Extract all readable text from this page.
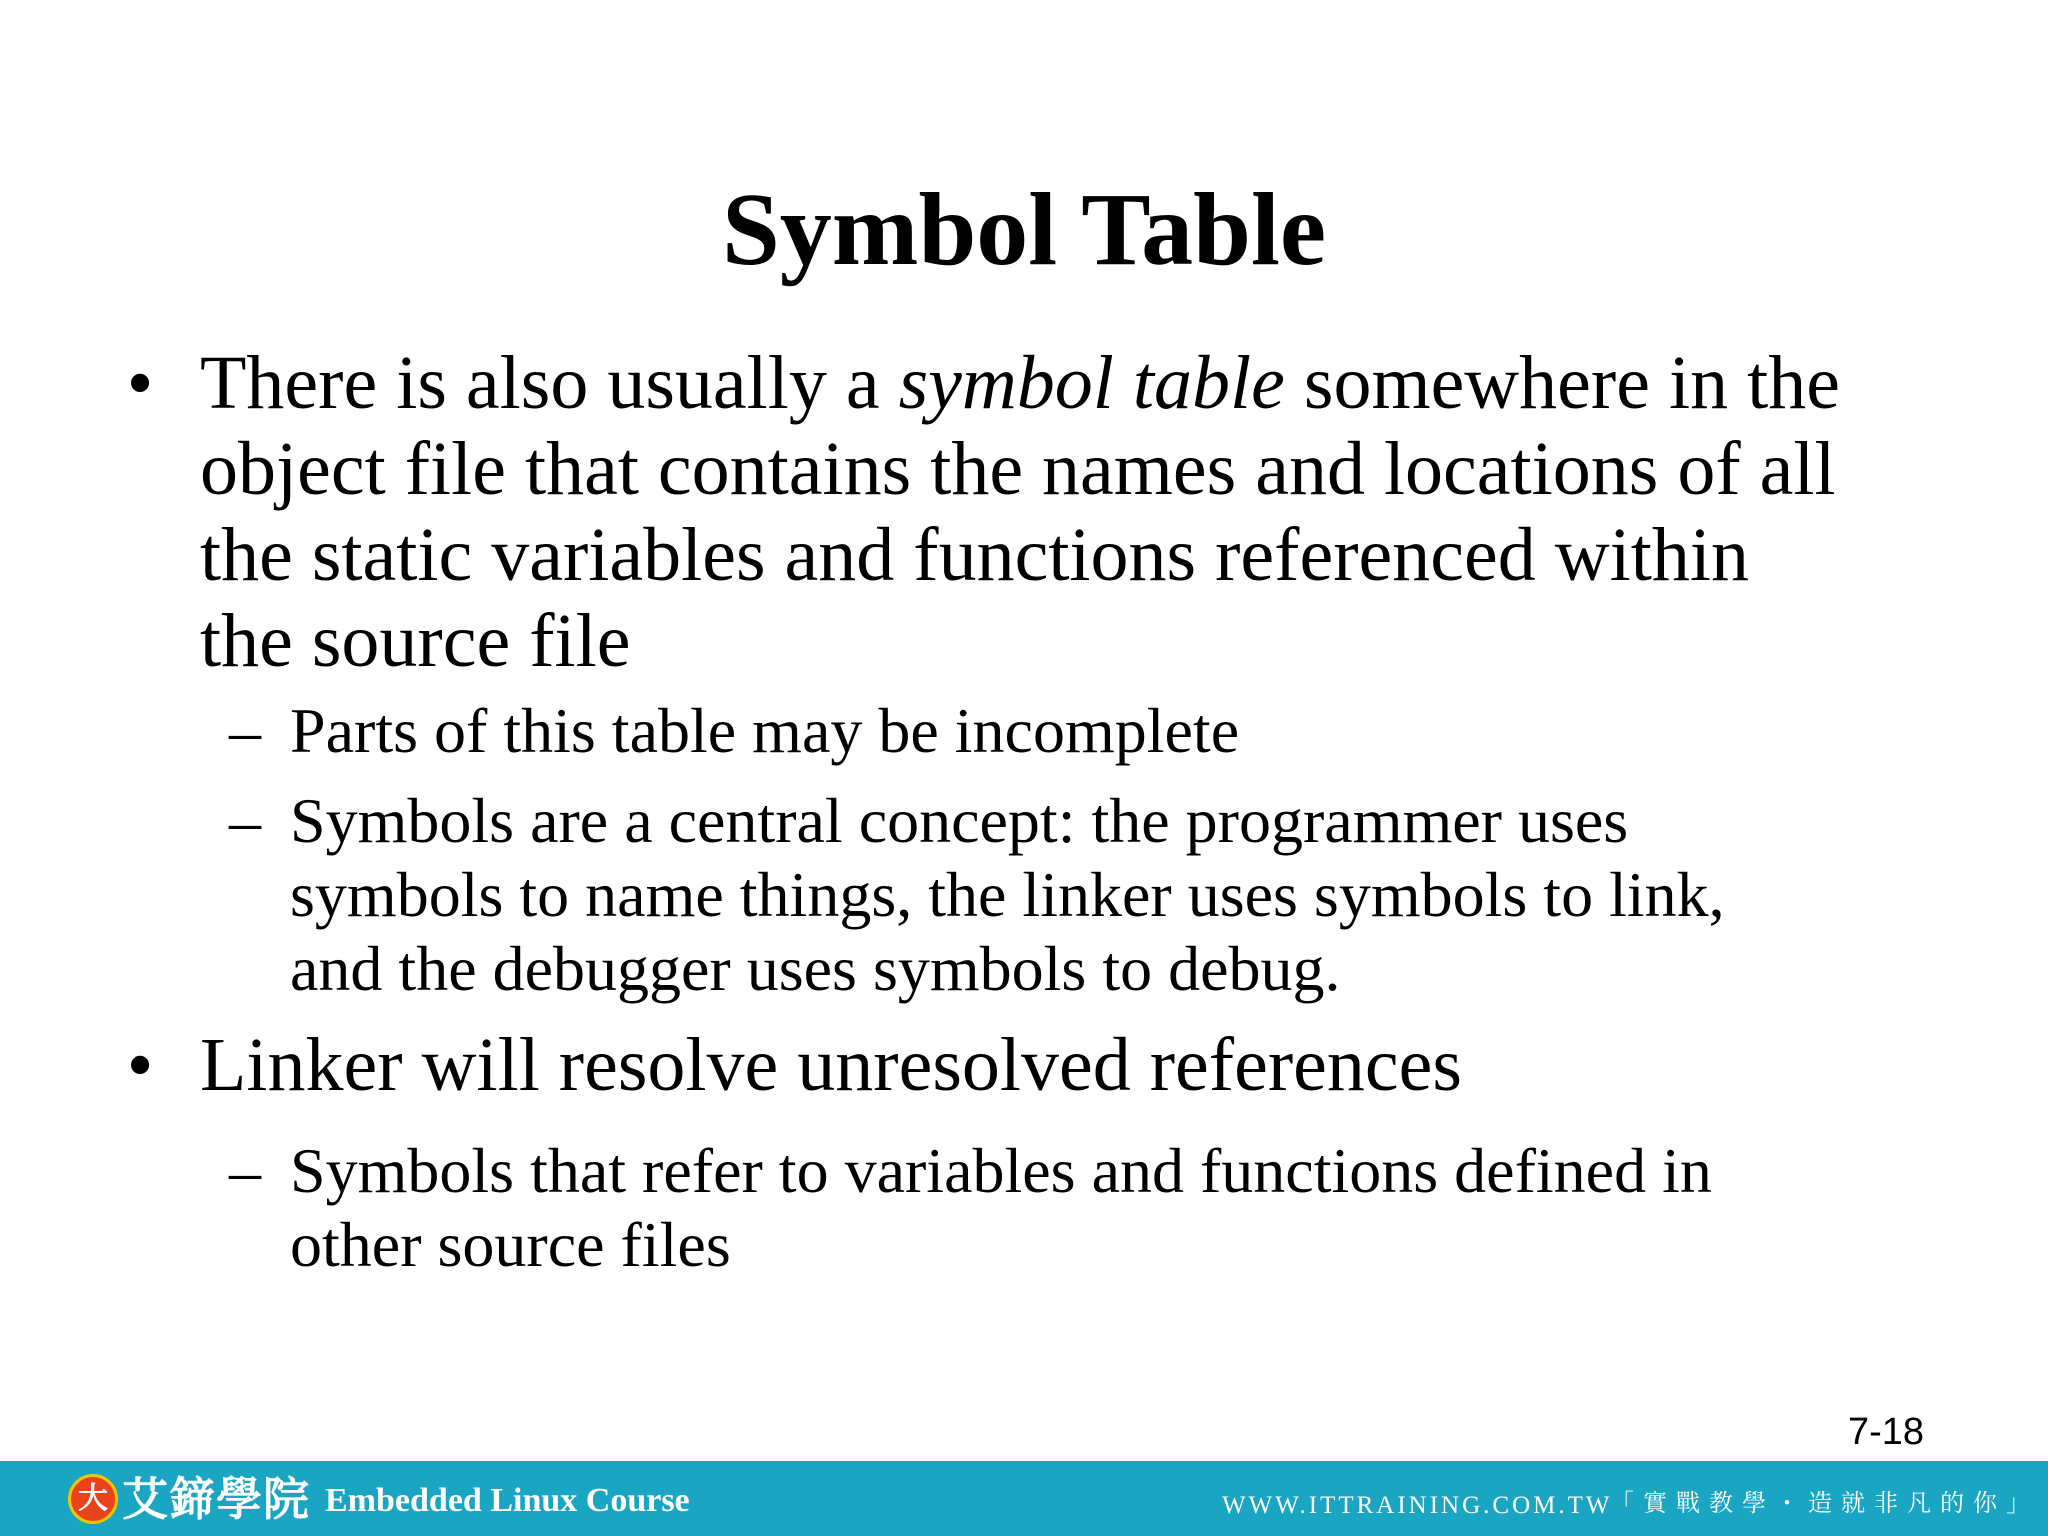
Symbol Table
• There is also usually a symbol table somewhere in the
object file that contains the names and locations of all
the static variables and functions referenced within
the source file
– Parts of this table may be incomplete
– Symbols are a central concept: the programmer uses
symbols to name things, the linker uses symbols to link,
and the debugger uses symbols to debug.
• Linker will resolve unresolved references
– Symbols that refer to variables and functions defined in
other source files
7-18
大 艾鍗學院 Embedded Linux Course	WWW.ITTRAINING.COM.TW
「實戰教學・造就非凡的你」
